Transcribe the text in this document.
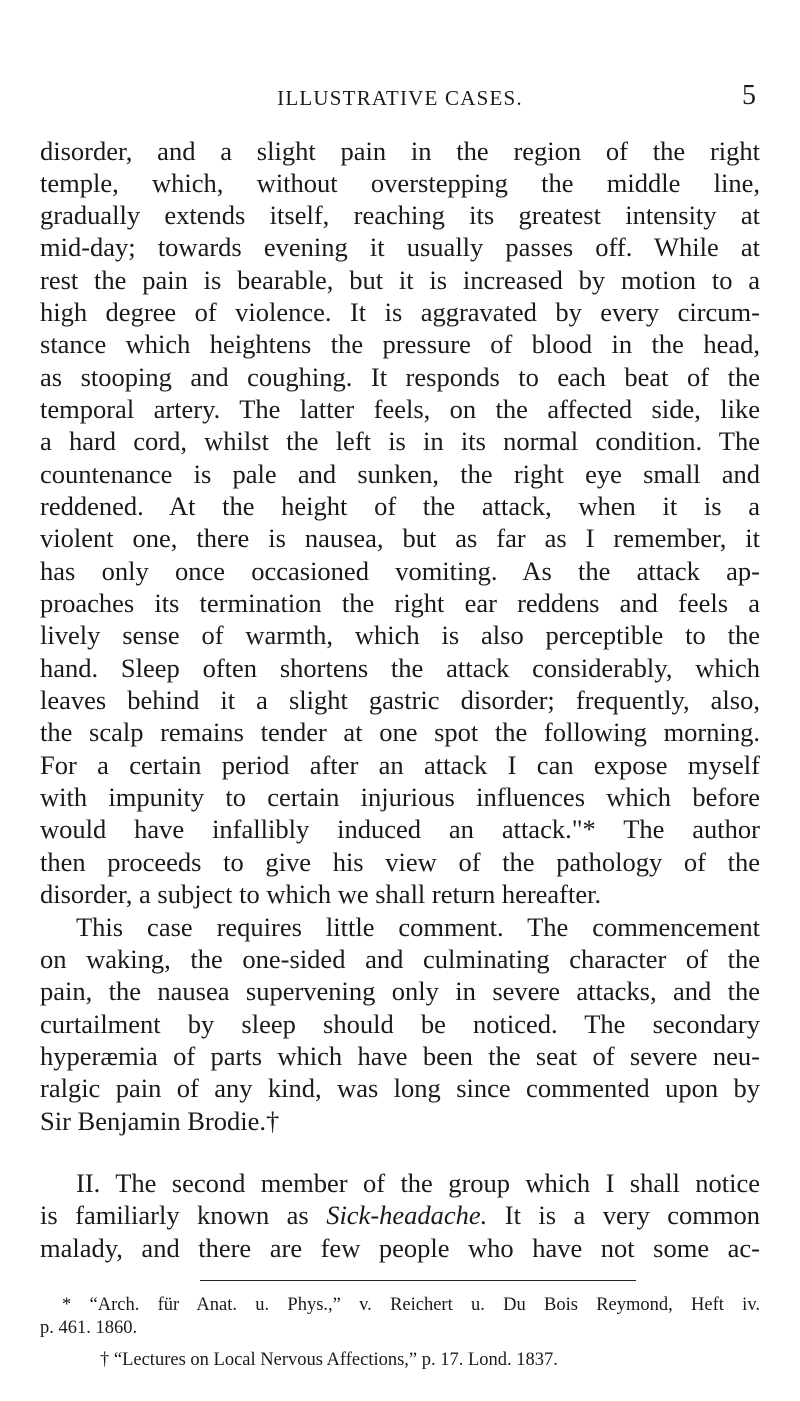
ILLUSTRATIVE CASES.	5
disorder, and a slight pain in the region of the right
temple, which, without overstepping the middle line,
gradually extends itself, reaching its greatest intensity at
mid-day; towards evening it usually passes off. While at
rest the pain is bearable, but it is increased by motion to a
high degree of violence. It is aggravated by every circum-
stance which heightens the pressure of blood in the head,
as stooping and coughing. It responds to each beat of the
temporal artery. The latter feels, on the affected side, like
a hard cord, whilst the left is in its normal condition. The
countenance is pale and sunken, the right eye small and
reddened. At the height of the attack, when it is a
violent one, there is nausea, but as far as I remember, it
has only once occasioned vomiting. As the attack ap-
proaches its termination the right ear reddens and feels a
lively sense of warmth, which is also perceptible to the
hand. Sleep often shortens the attack considerably, which
leaves behind it a slight gastric disorder; frequently, also,
the scalp remains tender at one spot the following morning.
For a certain period after an attack I can expose myself
with impunity to certain injurious influences which before
would have infallibly induced an attack."* The author
then proceeds to give his view of the pathology of the
disorder, a subject to which we shall return hereafter.
This case requires little comment. The commencement
on waking, the one-sided and culminating character of the
pain, the nausea supervening only in severe attacks, and the
curtailment by sleep should be noticed. The secondary
hyperæmia of parts which have been the seat of severe neu-
ralgic pain of any kind, was long since commented upon by
Sir Benjamin Brodie.†
II. The second member of the group which I shall notice
is familiarly known as Sick-headache. It is a very common
malady, and there are few people who have not some ac-
* “Arch. für Anat. u. Phys.,” v. Reichert u. Du Bois Reymond, Heft iv.
p. 461. 1860.
† “Lectures on Local Nervous Affections,” p. 17. Lond. 1837.
